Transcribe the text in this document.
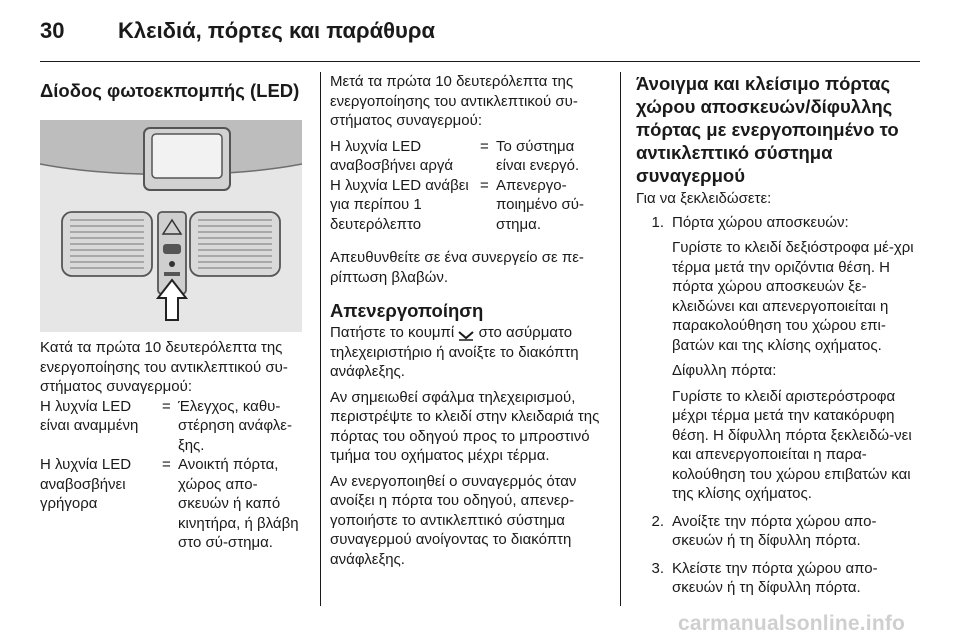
30 Κλειδιά, πόρτες και παράθυρα

Δίοδος φωτοεκπομπής (LED)

Κατά τα πρώτα 10 δευτερόλεπτα της ενεργοποίησης του αντικλεπτικού συ-στήματος συναγερμού:

Η λυχνία LED είναι αναμμένη
= Έλεγχος, καθυ-στέρηση ανάφλε-ξης.
Η λυχνία LED αναβοσβήνει γρήγορα
= Ανοικτή πόρτα, χώρος απο-σκευών ή καπό κινητήρα, ή βλάβη στο σύ-στημα.

Μετά τα πρώτα 10 δευτερόλεπτα της ενεργοποίησης του αντικλεπτικού συ-στήματος συναγερμού:

Η λυχνία LED αναβοσβήνει αργά
= Το σύστημα είναι ενεργό.
Η λυχνία LED ανάβει για περίπου 1 δευτερόλεπτο
= Απενεργο-ποιημένο σύ-στημα.

Απευθυνθείτε σε ένα συνεργείο σε πε-ρίπτωση βλαβών.

Απενεργοποίηση

Πατήστε το κουμπί στο ασύρματο τηλεχειριστήριο ή ανοίξτε το διακόπτη ανάφλεξης.

Αν σημειωθεί σφάλμα τηλεχειρισμού, περιστρέψτε το κλειδί στην κλειδαριά της πόρτας του οδηγού προς το μπροστινό τμήμα του οχήματος μέχρι τέρμα.

Αν ενεργοποιηθεί ο συναγερμός όταν ανοίξει η πόρτα του οδηγού, απενερ-γοποιήστε το αντικλεπτικό σύστημα συναγερμού ανοίγοντας το διακόπτη ανάφλεξης.

Άνοιγμα και κλείσιμο πόρτας χώρου αποσκευών/δίφυλλης πόρτας με ενεργοποιημένο το αντικλεπτικό σύστημα συναγερμού

Για να ξεκλειδώσετε:

1. Πόρτα χώρου αποσκευών:
Γυρίστε το κλειδί δεξιόστροφα μέ-χρι τέρμα μετά την οριζόντια θέση. Η πόρτα χώρου αποσκευών ξε-κλειδώνει και απενεργοποιείται η παρακολούθηση του χώρου επι-βατών και της κλίσης οχήματος.
Δίφυλλη πόρτα:
Γυρίστε το κλειδί αριστερόστροφα μέχρι τέρμα μετά την κατακόρυφη θέση. Η δίφυλλη πόρτα ξεκλειδώ-νει και απενεργοποιείται η παρα-κολούθηση του χώρου επιβατών και της κλίσης οχήματος.
2. Ανοίξτε την πόρτα χώρου απο-σκευών ή τη δίφυλλη πόρτα.
3. Κλείστε την πόρτα χώρου απο-σκευών ή τη δίφυλλη πόρτα.
carmanualsonline.info
